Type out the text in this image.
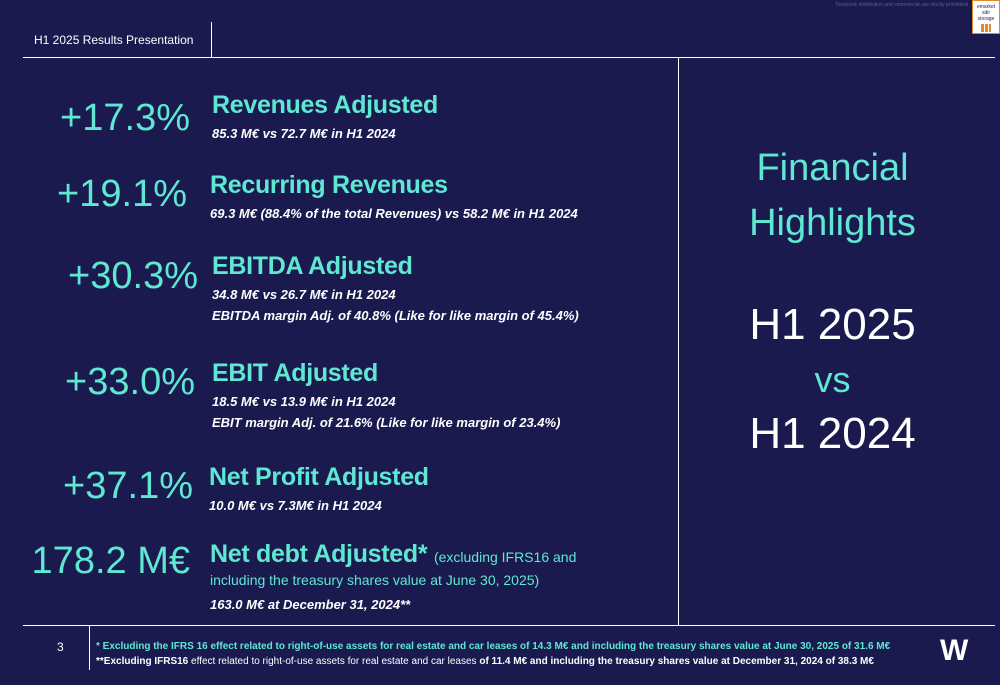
Totalsonic distribution and commercial use strictly prohibited	emarket
sdir storage
H1 2025 Results Presentation
+17.3% Revenues Adjusted
85.3 M€ vs 72.7 M€ in H1 2024
+19.1% Recurring Revenues
69.3 M€ (88.4% of the total Revenues) vs 58.2 M€ in H1 2024
+30.3% EBITDA Adjusted
34.8 M€ vs 26.7 M€ in H1 2024
EBITDA margin Adj. of 40.8% (Like for like margin of 45.4%)
+33.0% EBIT Adjusted
18.5 M€ vs 13.9 M€ in H1 2024
EBIT margin Adj. of 21.6% (Like for like margin of 23.4%)
+37.1% Net Profit Adjusted
10.0 M€ vs 7.3M€ in H1 2024
178.2 M€ Net debt Adjusted* (excluding IFRS16 and
including the treasury shares value at June 30, 2025)
163.0 M€ at December 31, 2024**
Financial
Highlights
H1 2025
vs
H1 2024
3	* Excluding the IFRS 16 effect related to right-of-use assets for real estate and car leases of 14.3 M€ and including the treasury shares value at June 30, 2025 of 31.6 M€
**Excluding IFRS16 effect related to right-of-use assets for real estate and car leases of 11.4 M€ and including the treasury shares value at December 31, 2024 of 38.3 M€ W
